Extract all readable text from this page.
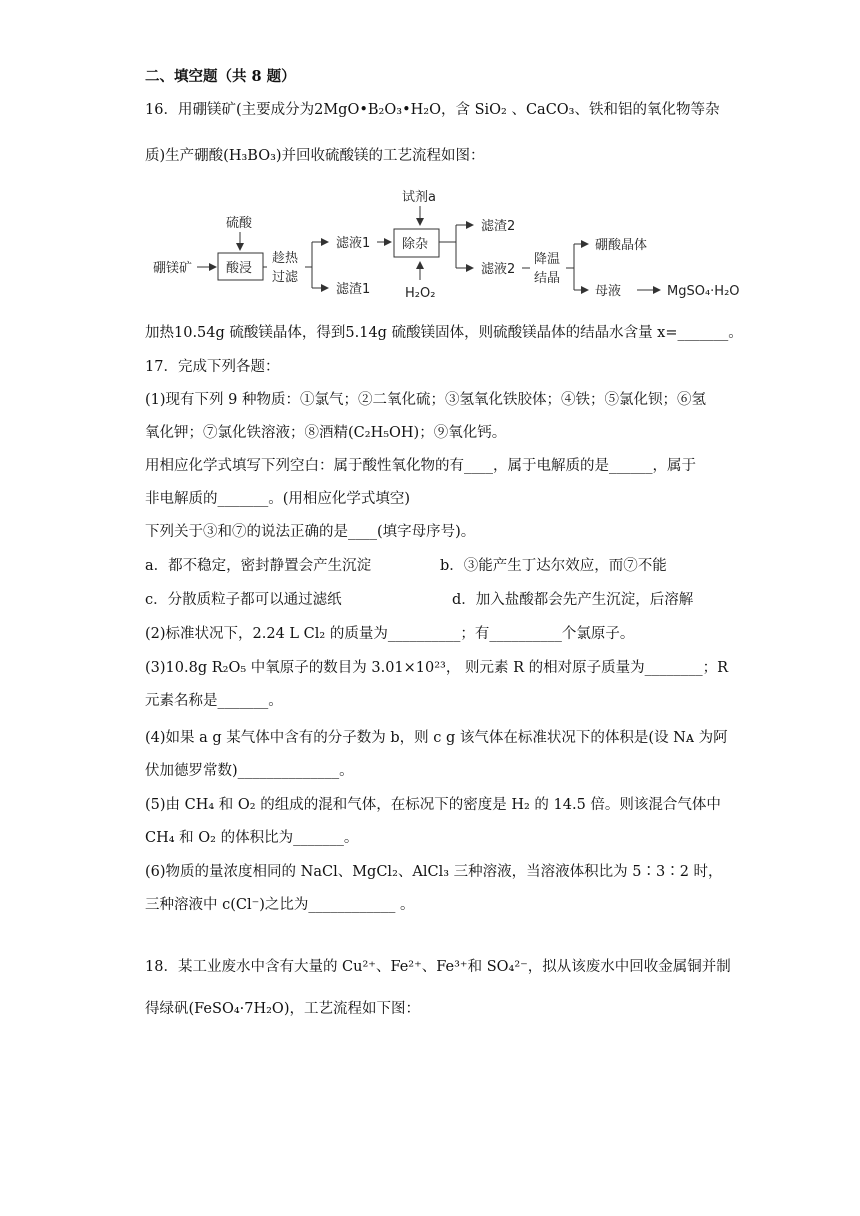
二、填空题（共 8 题）
16．用硼镁矿(主要成分为2MgO•B₂O₃•H₂O，含 SiO₂ 、CaCO₃、铁和铝的氧化物等杂
质)生产硼酸(H₃BO₃)并回收硫酸镁的工艺流程如图：
硼镁矿
硫酸
酸浸
趁热
过滤
滤液1
滤渣1
试剂a
除杂
H₂O₂
滤渣2
滤液2
降温
结晶
硼酸晶体
母液	MgSO₄·H₂O
加热10.54g 硫酸镁晶体，得到5.14g 硫酸镁固体，则硫酸镁晶体的结晶水含量 x=_______。
17．完成下列各题：
(1)现有下列 9 种物质：①氯气；②二氧化硫；③氢氧化铁胶体；④铁；⑤氯化钡；⑥氢
氧化钾；⑦氯化铁溶液；⑧酒精(C₂H₅OH)；⑨氧化钙。
用相应化学式填写下列空白：属于酸性氧化物的有____，属于电解质的是______，属于
非电解质的_______。(用相应化学式填空)
下列关于③和⑦的说法正确的是____(填字母序号)。
a．都不稳定，密封静置会产生沉淀	b．③能产生丁达尔效应，而⑦不能
c．分散质粒子都可以通过滤纸	d．加入盐酸都会先产生沉淀，后溶解
(2)标准状况下，2.24 L Cl₂ 的质量为__________；有__________个氯原子。
(3)10.8g R₂O₅ 中氧原子的数目为 3.01×10²³， 则元素 R 的相对原子质量为________；R
元素名称是_______。
(4)如果 a g 某气体中含有的分子数为 b，则 c g 该气体在标准状况下的体积是(设 Nᴀ 为阿
伏加德罗常数)______________。
(5)由 CH₄ 和 O₂ 的组成的混和气体，在标况下的密度是 H₂ 的 14.5 倍。则该混合气体中
CH₄ 和 O₂ 的体积比为_______。
(6)物质的量浓度相同的 NaCl、MgCl₂、AlCl₃ 三种溶液，当溶液体积比为 5∶3∶2 时，
三种溶液中 c(Cl⁻)之比为____________ 。
18．某工业废水中含有大量的 Cu²⁺、Fe²⁺、Fe³⁺和 SO₄²⁻，拟从该废水中回收金属铜并制
得绿矾(FeSO₄·7H₂O)，工艺流程如下图：
